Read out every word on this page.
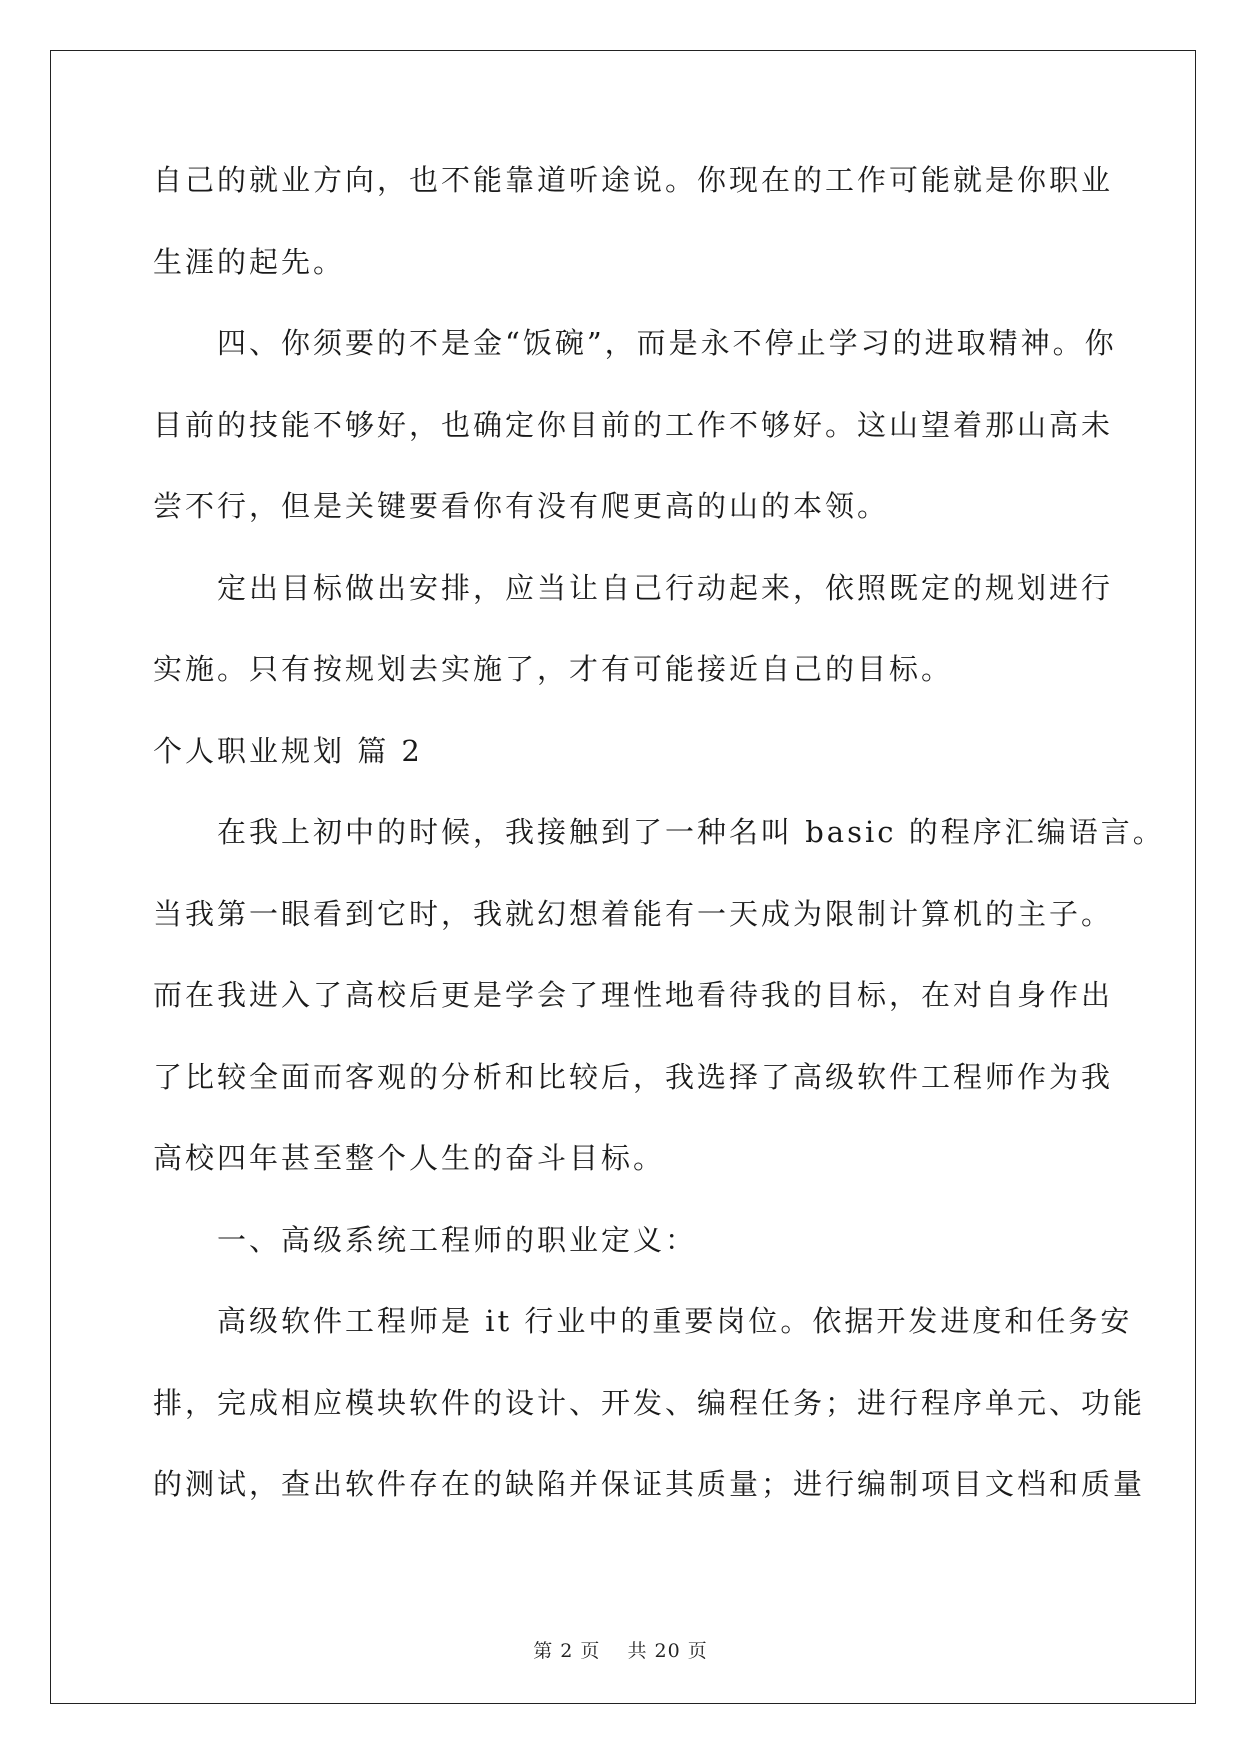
自己的就业方向，也不能靠道听途说。你现在的工作可能就是你职业
生涯的起先。
四、你须要的不是金“饭碗”，而是永不停止学习的进取精神。你
目前的技能不够好，也确定你目前的工作不够好。这山望着那山高未
尝不行，但是关键要看你有没有爬更高的山的本领。
定出目标做出安排，应当让自己行动起来，依照既定的规划进行
实施。只有按规划去实施了，才有可能接近自己的目标。
个人职业规划 篇 2
在我上初中的时候，我接触到了一种名叫 basic 的程序汇编语言。
当我第一眼看到它时，我就幻想着能有一天成为限制计算机的主子。
而在我进入了高校后更是学会了理性地看待我的目标，在对自身作出
了比较全面而客观的分析和比较后，我选择了高级软件工程师作为我
高校四年甚至整个人生的奋斗目标。
一、高级系统工程师的职业定义：
高级软件工程师是 it 行业中的重要岗位。依据开发进度和任务安
排，完成相应模块软件的设计、开发、编程任务；进行程序单元、功能
的测试，查出软件存在的缺陷并保证其质量；进行编制项目文档和质量
第 2 页　 共 20 页
